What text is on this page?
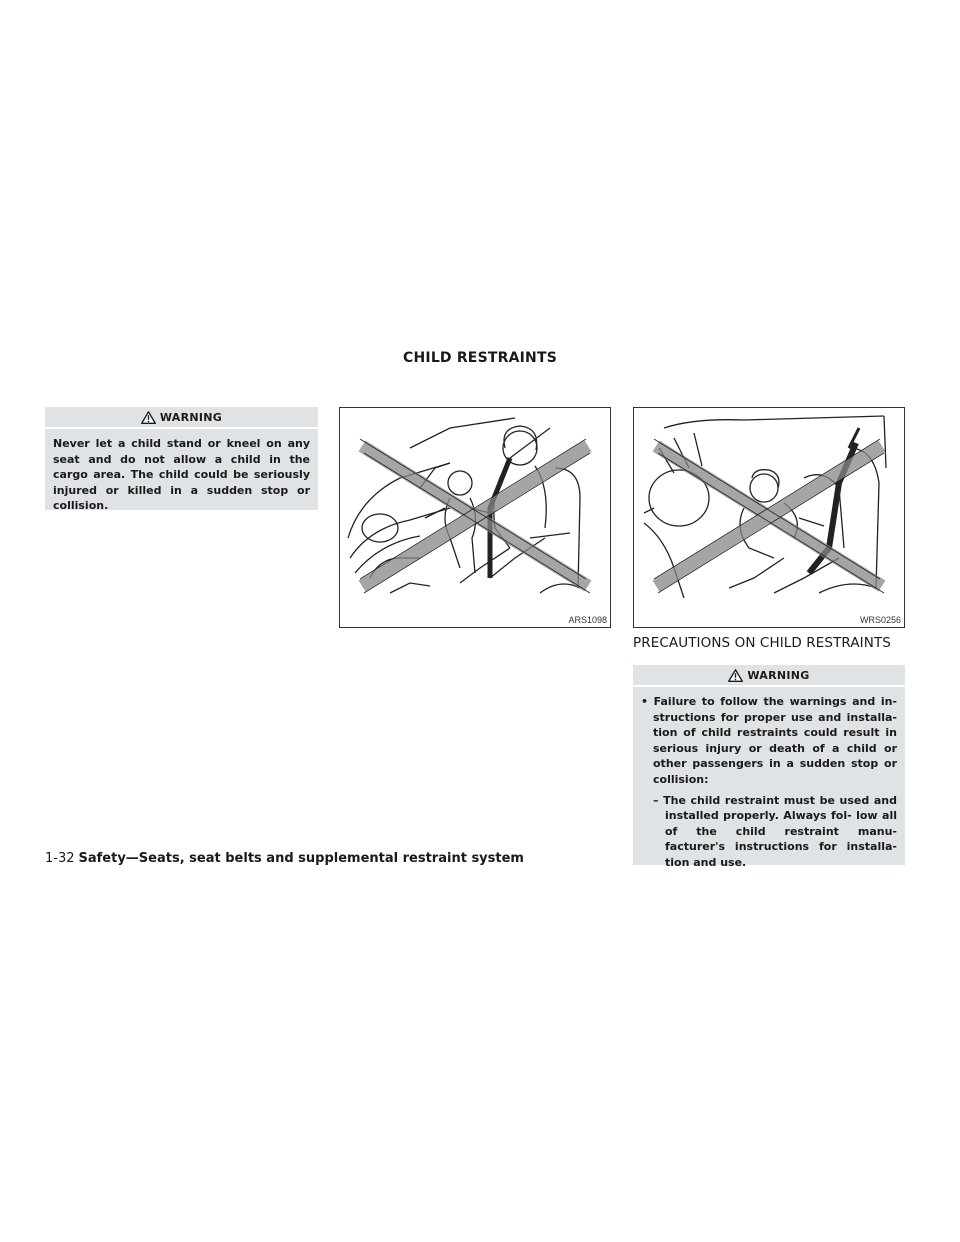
CHILD RESTRAINTS
WARNING
Never let a child stand or kneel on any seat and do not allow a child in the cargo area. The child could be seriously injured or killed in a sudden stop or collision.
ARS1098	WRS0256
PRECAUTIONS ON CHILD RESTRAINTS
WARNING
• Failure to follow the warnings and in- structions for proper use and installa- tion of child restraints could result in serious injury or death of a child or other passengers in a sudden stop or collision:
– The child restraint must be used and installed properly. Always fol- low all of the child restraint manu- facturer's instructions for installa- tion and use.
1-32 Safety—Seats, seat belts and supplemental restraint system
